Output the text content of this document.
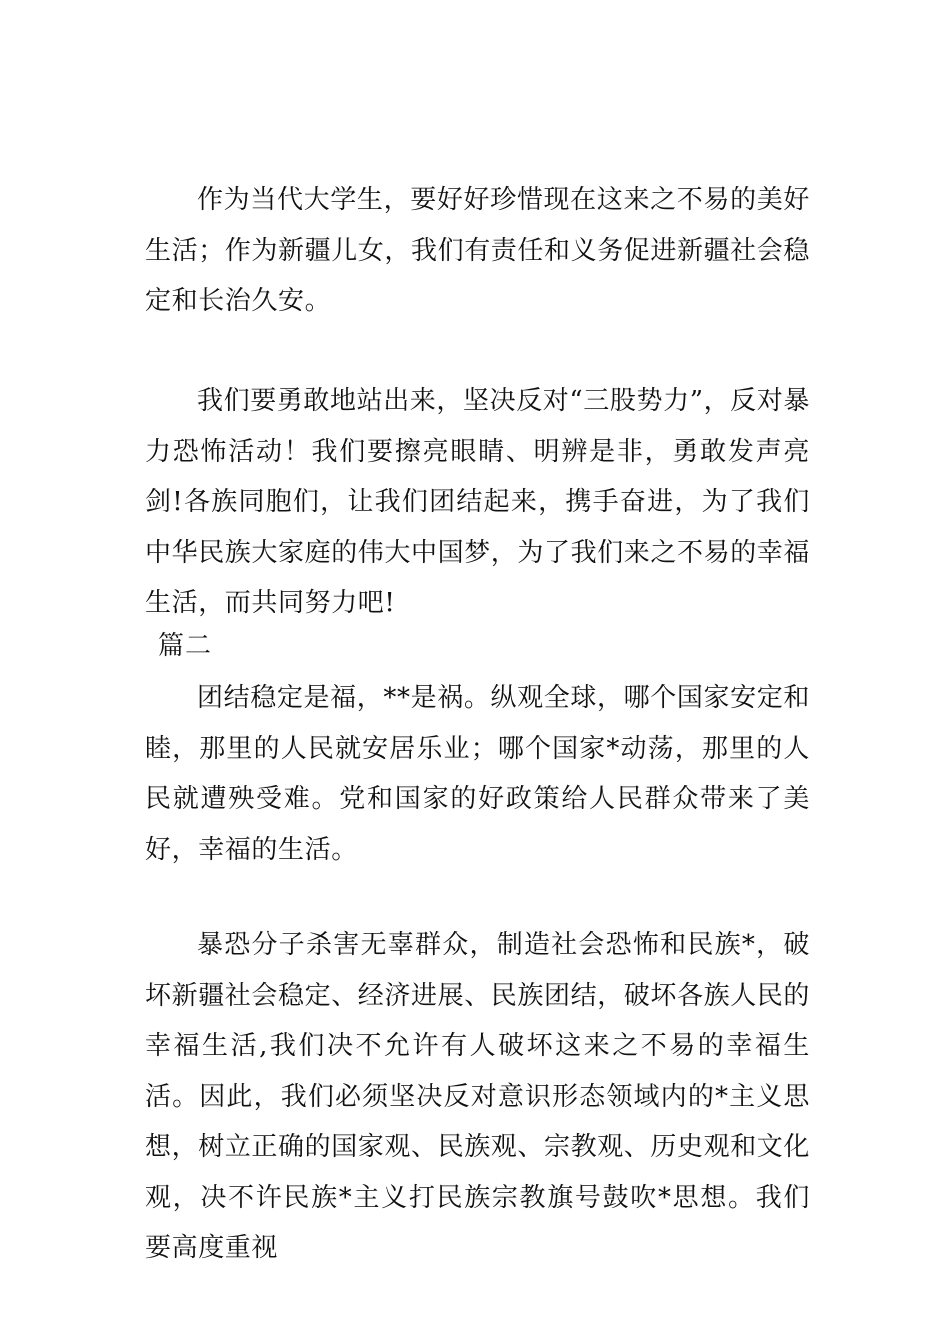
作为当代大学生，要好好珍惜现在这来之不易的美好生活；作为新疆儿女，我们有责任和义务促进新疆社会稳定和长治久安。

我们要勇敢地站出来，坚决反对“三股势力”，反对暴力恐怖活动！我们要擦亮眼睛、明辨是非，勇敢发声亮剑!各族同胞们，让我们团结起来，携手奋进，为了我们中华民族大家庭的伟大中国梦，为了我们来之不易的幸福生活，而共同努力吧!

篇二

团结稳定是福，**是祸。纵观全球，哪个国家安定和睦，那里的人民就安居乐业；哪个国家*动荡，那里的人民就遭殃受难。党和国家的好政策给人民群众带来了美好，幸福的生活。

暴恐分子杀害无辜群众，制造社会恐怖和民族*，破坏新疆社会稳定、经济进展、民族团结，破坏各族人民的幸福生活,我们决不允许有人破坏这来之不易的幸福生活。因此，我们必须坚决反对意识形态领域内的*主义思想，树立正确的国家观、民族观、宗教观、历史观和文化观，决不许民族*主义打民族宗教旗号鼓吹*思想。我们要高度重视
